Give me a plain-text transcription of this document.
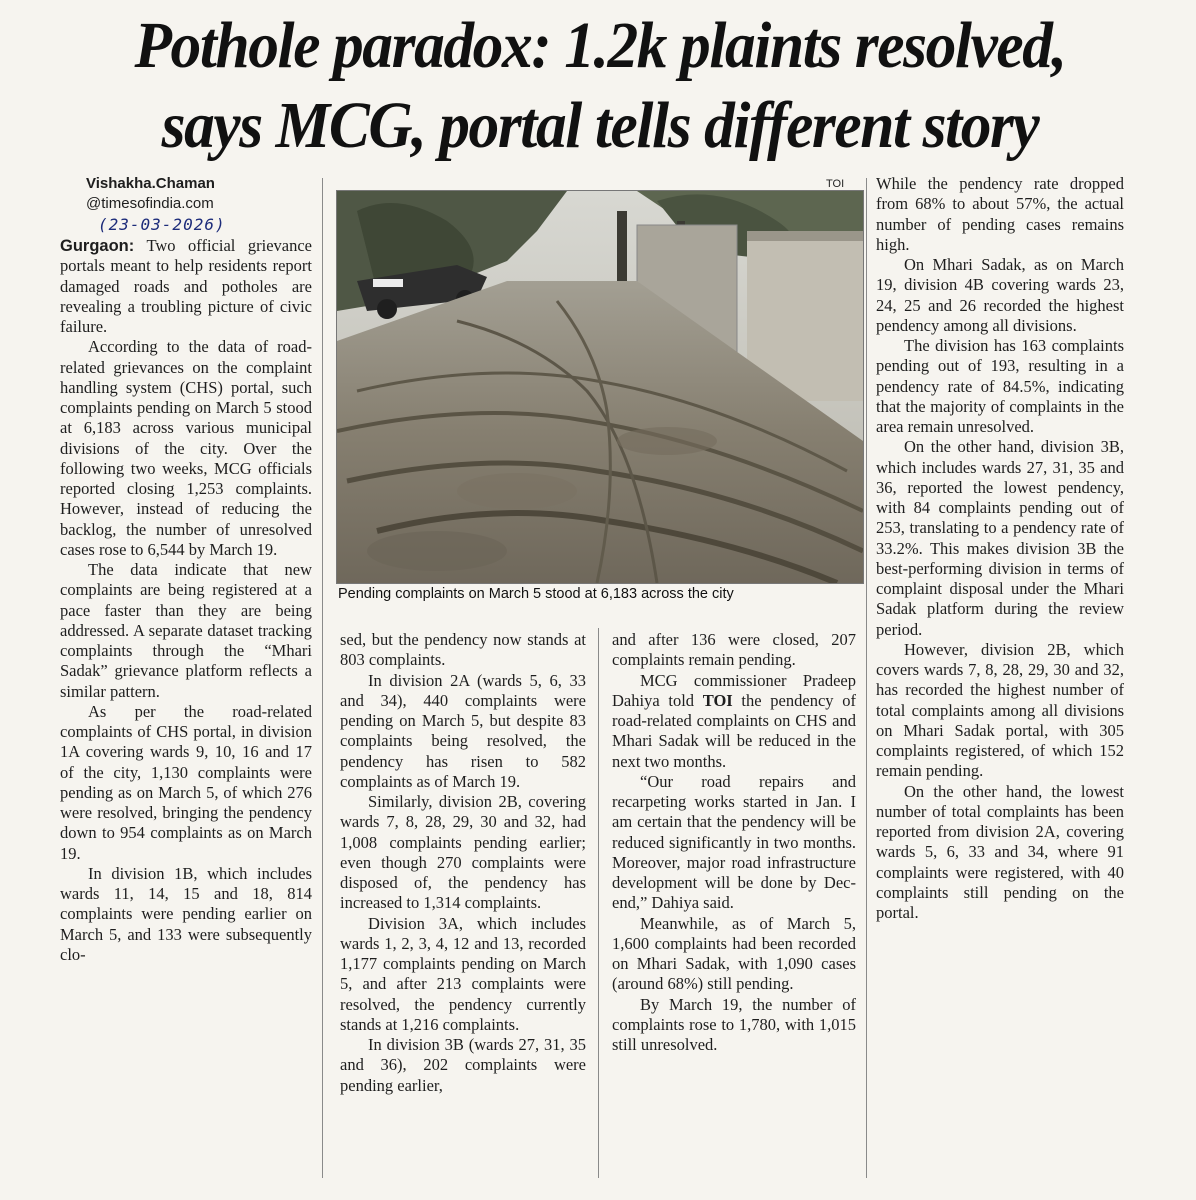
Pothole paradox: 1.2k plaints resolved, says MCG, portal tells different story
Vishakha.Chaman
@timesofindia.com
(23-03-2026)

Gurgaon: Two official grievance portals meant to help residents report damaged roads and potholes are revealing a troubling picture of civic failure.

According to the data of road-related grievances on the complaint handling system (CHS) portal, such complaints pending on March 5 stood at 6,183 across various municipal divisions of the city. Over the following two weeks, MCG officials reported closing 1,253 complaints. However, instead of reducing the backlog, the number of unresolved cases rose to 6,544 by March 19.

The data indicate that new complaints are being registered at a pace faster than they are being addressed. A separate dataset tracking complaints through the “Mhari Sadak” grievance platform reflects a similar pattern.

As per the road-related complaints of CHS portal, in division 1A covering wards 9, 10, 16 and 17 of the city, 1,130 complaints were pending as on March 5, of which 276 were resolved, bringing the pendency down to 954 complaints as on March 19.

In division 1B, which includes wards 11, 14, 15 and 18, 814 complaints were pending earlier on March 5, and 133 were subsequently clo-

TOI
Pending complaints on March 5 stood at 6,183 across the city

sed, but the pendency now stands at 803 complaints.

In division 2A (wards 5, 6, 33 and 34), 440 complaints were pending on March 5, but despite 83 complaints being resolved, the pendency has risen to 582 complaints as of March 19.

Similarly, division 2B, covering wards 7, 8, 28, 29, 30 and 32, had 1,008 complaints pending earlier; even though 270 complaints were disposed of, the pendency has increased to 1,314 complaints.

Division 3A, which includes wards 1, 2, 3, 4, 12 and 13, recorded 1,177 complaints pending on March 5, and after 213 complaints were resolved, the pendency currently stands at 1,216 complaints.

In division 3B (wards 27, 31, 35 and 36), 202 complaints were pending earlier,

and after 136 were closed, 207 complaints remain pending.

MCG commissioner Pradeep Dahiya told TOI the pendency of road-related complaints on CHS and Mhari Sadak will be reduced in the next two months.

“Our road repairs and recarpeting works started in Jan. I am certain that the pendency will be reduced significantly in two months. Moreover, major road infrastructure development will be done by Dec-end,” Dahiya said.

Meanwhile, as of March 5, 1,600 complaints had been recorded on Mhari Sadak, with 1,090 cases (around 68%) still pending.

By March 19, the number of complaints rose to 1,780, with 1,015 still unresolved.

While the pendency rate dropped from 68% to about 57%, the actual number of pending cases remains high.

On Mhari Sadak, as on March 19, division 4B covering wards 23, 24, 25 and 26 recorded the highest pendency among all divisions.

The division has 163 complaints pending out of 193, resulting in a pendency rate of 84.5%, indicating that the majority of complaints in the area remain unresolved.

On the other hand, division 3B, which includes wards 27, 31, 35 and 36, reported the lowest pendency, with 84 complaints pending out of 253, translating to a pendency rate of 33.2%. This makes division 3B the best-performing division in terms of complaint disposal under the Mhari Sadak platform during the review period.

However, division 2B, which covers wards 7, 8, 28, 29, 30 and 32, has recorded the highest number of total complaints among all divisions on Mhari Sadak portal, with 305 complaints registered, of which 152 remain pending.

On the other hand, the lowest number of total complaints has been reported from division 2A, covering wards 5, 6, 33 and 34, where 91 complaints were registered, with 40 complaints still pending on the portal.
